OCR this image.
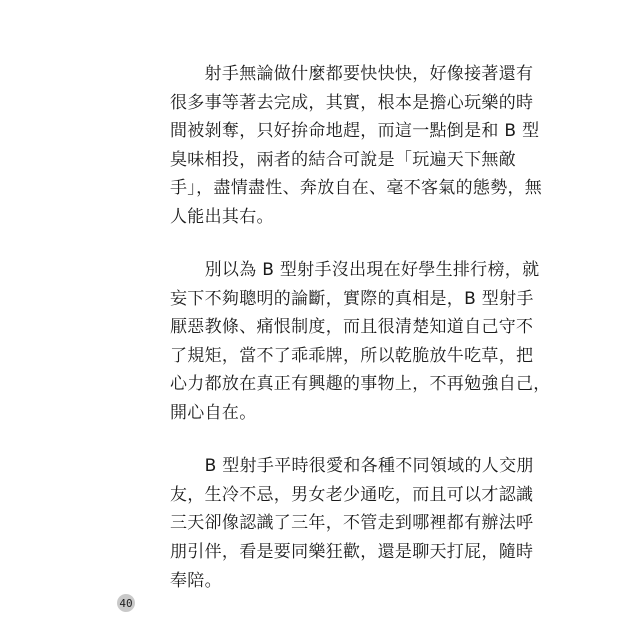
　　射手無論做什麼都要快快快，好像接著還有
很多事等著去完成，其實，根本是擔心玩樂的時
間被剝奪，只好拚命地趕，而這一點倒是和 B 型
臭味相投，兩者的結合可說是「玩遍天下無敵
手」，盡情盡性、奔放自在、毫不客氣的態勢，無
人能出其右。

　　別以為 B 型射手沒出現在好學生排行榜，就
妄下不夠聰明的論斷，實際的真相是，B 型射手
厭惡教條、痛恨制度，而且很清楚知道自己守不
了規矩，當不了乖乖牌，所以乾脆放牛吃草，把
心力都放在真正有興趣的事物上，不再勉強自己，
開心自在。

　　B 型射手平時很愛和各種不同領域的人交朋
友，生冷不忌，男女老少通吃，而且可以才認識
三天卻像認識了三年，不管走到哪裡都有辦法呼
朋引伴，看是要同樂狂歡，還是聊天打屁，隨時
奉陪。

40
